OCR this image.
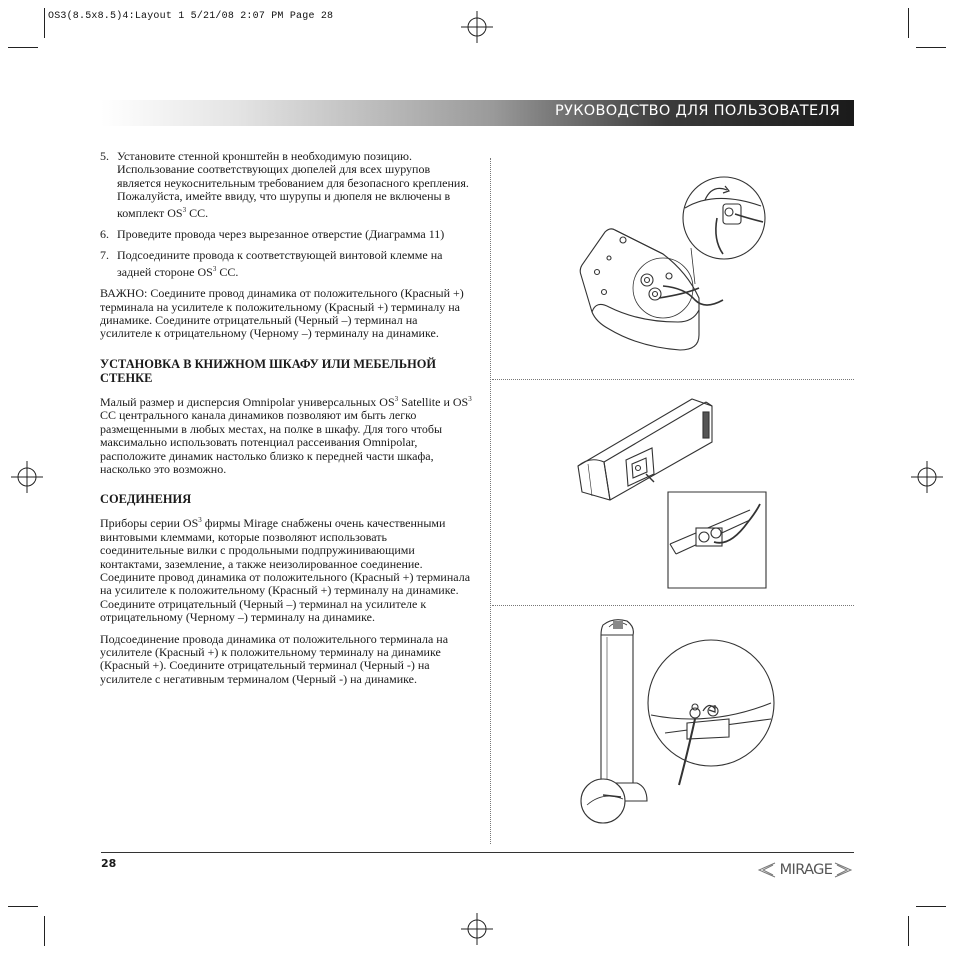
OS3(8.5x8.5)4:Layout 1 5/21/08 2:07 PM Page 28
РУКОВОДСТВО ДЛЯ ПОЛЬЗОВАТЕЛЯ
5. Установите стенной кронштейн в необходимую позицию. Использование соответствующих дюпелей для всех шурупов является неукоснительным требованием для безопасного крепления. Пожалуйста, имейте ввиду, что шурупы и дюпеля не включены в комплект $OS^3$ CC.
6. Проведите провода через вырезанное отверстие (Диаграмма 11)
7. Подсоедините провода к соответствующей винтовой клемме на задней стороне $OS^3$ CC.

ВАЖНО: Соедините провод динамика от положительного (Красный +) терминала на усилителе к положительному (Красный +) терминалу на динамике. Соедините отрицательный (Черный –) терминал на усилителе к отрицательному (Черному –) терминалу на динамике.

УСТАНОВКА В КНИЖНОМ ШКАФУ ИЛИ МЕБЕЛЬНОЙ СТЕНКЕ

Малый размер и дисперсия Omnipolar универсальных $OS^3$ Satellite и $OS^3$ CC центрального канала динамиков позволяют им быть легко размещенными в любых местах, на полке в шкафу. Для того чтобы максимально использовать потенциал рассеивания Omnipolar, расположите динамик настолько близко к передней части шкафа, насколько это возможно.

СОЕДИНЕНИЯ

Приборы серии $OS^3$ фирмы Mirage снабжены очень качественными винтовыми клеммами, которые позволяют использовать соединительные вилки с продольными подпружинивающими контактами, заземление, а также неизолированное соединение. Соедините провод динамика от положительного (Красный +) терминала на усилителе к положительному (Красный +) терминалу на динамике. Соедините отрицательный (Черный –) терминал на усилителе к отрицательному (Черному –) терминалу на динамике.

Подсоединение провода динамика от положительного терминала на усилителе (Красный +) к положительному терминалу на динамике (Красный +). Соедините отрицательный терминал (Черный -) на усилителе с негативным терминалом (Черный -) на динамике.

28	MIRAGE
